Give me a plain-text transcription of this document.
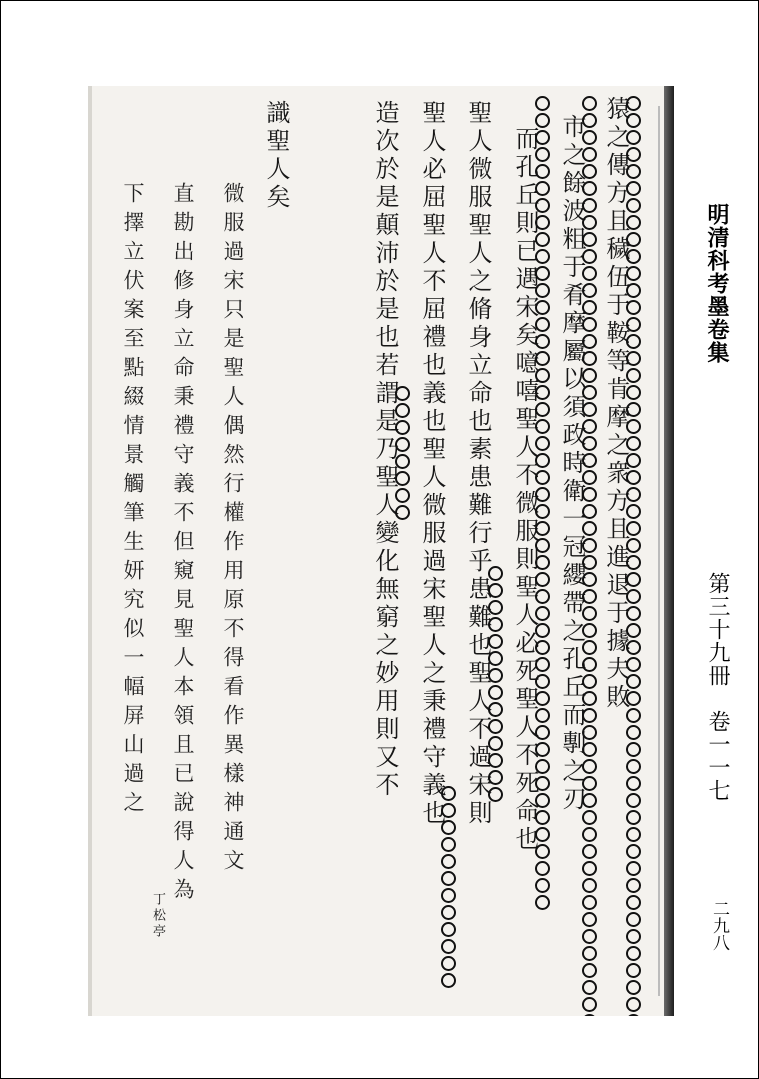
猿之傳方且穢伍于鞍等肯摩之衆方且進退于據夫敗
市之餘波粗于肴摩屬以須政時衛一冠纓帶之孔丘而剸之刃
而孔丘則已遇宋矣噫嘻聖人不微服則聖人必死聖人不死命也
聖人微服聖人之脩身立命也素患難行乎患難也聖人不過宋則
聖人必屈聖人不屈禮也義也聖人微服過宋聖人之秉禮守義也
造次於是顛沛於是也若謂是乃聖人變化無窮之妙用則又不
識聖人矣
微服過宋只是聖人偶然行權作用原不得看作異樣神通文
直勘出修身立命秉禮守義不但窺見聖人本領且已說得人為
下擇立伏案至點綴情景觸筆生妍究似一幅屏山過之
丁松亭
明清科考墨卷集
第三十九冊　卷一一七
二九八
